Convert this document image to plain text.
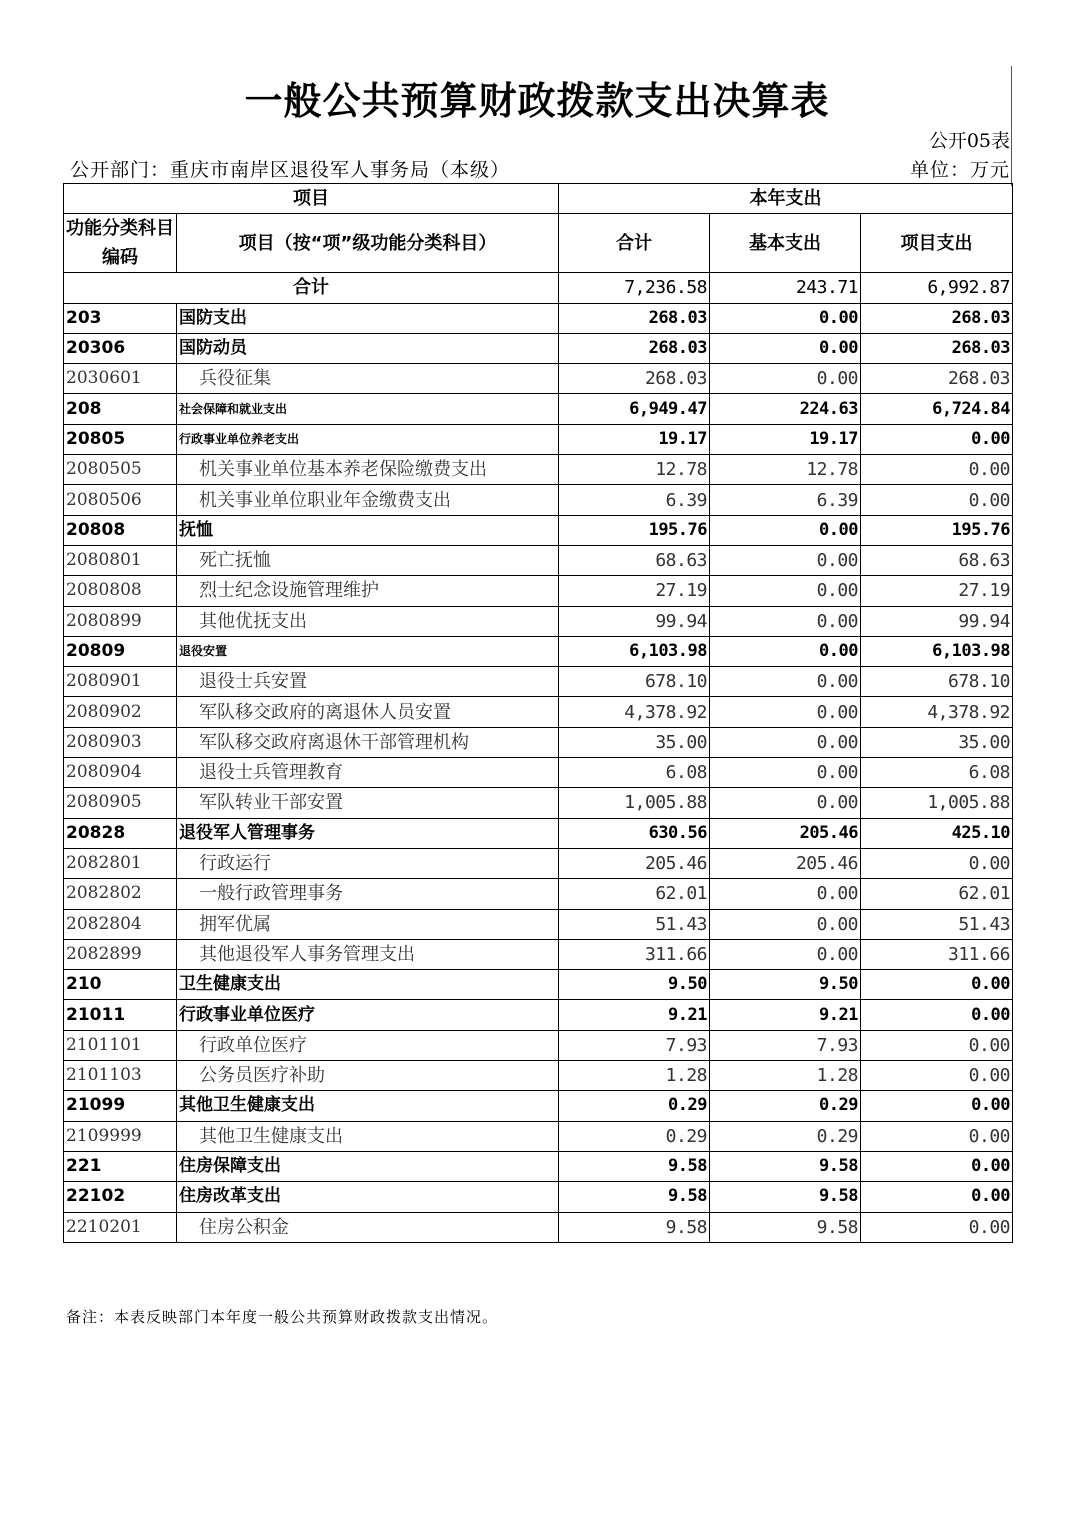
一般公共预算财政拨款支出决算表
公开05表
公开部门：重庆市南岸区退役军人事务局（本级）	单位：万元
项目		本年支出		
功能分类科目编码	项目（按“项”级功能分类科目）	合计	基本支出	项目支出
合计		7,236.58	243.71	6,992.87
203	国防支出	268.03	0.00	268.03
20306	国防动员	268.03	0.00	268.03
2030601	兵役征集	268.03	0.00	268.03
208	社会保障和就业支出	6,949.47	224.63	6,724.84
20805	行政事业单位养老支出	19.17	19.17	0.00
2080505	机关事业单位基本养老保险缴费支出	12.78	12.78	0.00
2080506	机关事业单位职业年金缴费支出	6.39	6.39	0.00
20808	抚恤	195.76	0.00	195.76
2080801	死亡抚恤	68.63	0.00	68.63
2080808	烈士纪念设施管理维护	27.19	0.00	27.19
2080899	其他优抚支出	99.94	0.00	99.94
20809	退役安置	6,103.98	0.00	6,103.98
2080901	退役士兵安置	678.10	0.00	678.10
2080902	军队移交政府的离退休人员安置	4,378.92	0.00	4,378.92
2080903	军队移交政府离退休干部管理机构	35.00	0.00	35.00
2080904	退役士兵管理教育	6.08	0.00	6.08
2080905	军队转业干部安置	1,005.88	0.00	1,005.88
20828	退役军人管理事务	630.56	205.46	425.10
2082801	行政运行	205.46	205.46	0.00
2082802	一般行政管理事务	62.01	0.00	62.01
2082804	拥军优属	51.43	0.00	51.43
2082899	其他退役军人事务管理支出	311.66	0.00	311.66
210	卫生健康支出	9.50	9.50	0.00
21011	行政事业单位医疗	9.21	9.21	0.00
2101101	行政单位医疗	7.93	7.93	0.00
2101103	公务员医疗补助	1.28	1.28	0.00
21099	其他卫生健康支出	0.29	0.29	0.00
2109999	其他卫生健康支出	0.29	0.29	0.00
221	住房保障支出	9.58	9.58	0.00
22102	住房改革支出	9.58	9.58	0.00
2210201	住房公积金	9.58	9.58	0.00
备注：本表反映部门本年度一般公共预算财政拨款支出情况。
